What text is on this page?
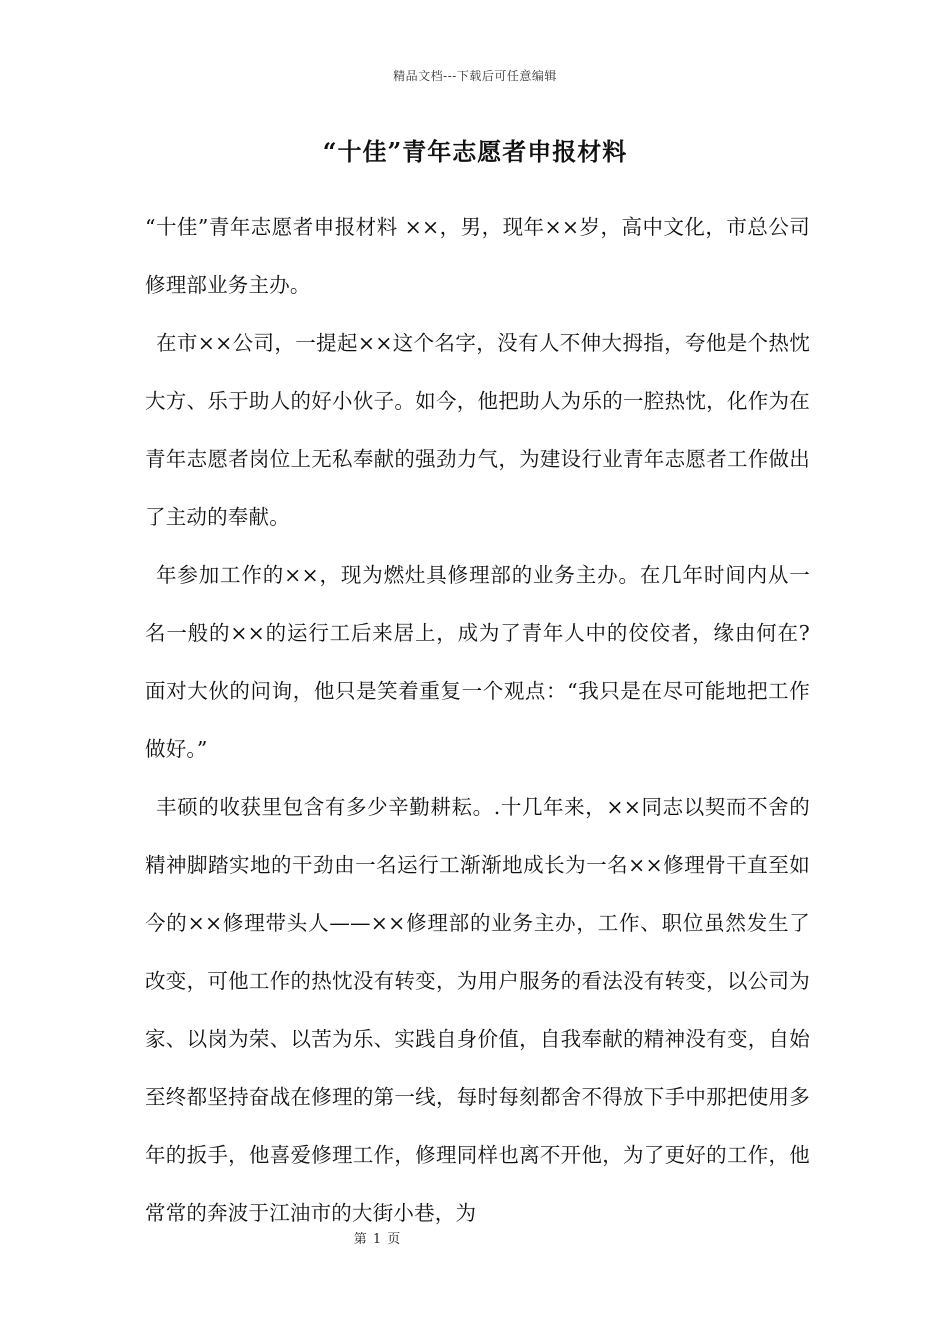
精品文档---下载后可任意编辑
“十佳”青年志愿者申报材料

“十佳”青年志愿者申报材料 ××，男，现年××岁，高中文化，市总公司修理部业务主办。

在市××公司，一提起××这个名字，没有人不伸大拇指，夸他是个热忱大方、乐于助人的好小伙子。如今，他把助人为乐的一腔热忱，化作为在青年志愿者岗位上无私奉献的强劲力气，为建设行业青年志愿者工作做出了主动的奉献。

年参加工作的××，现为燃灶具修理部的业务主办。在几年时间内从一名一般的××的运行工后来居上，成为了青年人中的佼佼者，缘由何在?面对大伙的问询，他只是笑着重复一个观点：“我只是在尽可能地把工作做好。”

丰硕的收获里包含有多少辛勤耕耘。.十几年来，××同志以契而不舍的精神脚踏实地的干劲由一名运行工渐渐地成长为一名××修理骨干直至如今的××修理带头人——××修理部的业务主办，工作、职位虽然发生了改变，可他工作的热忱没有转变，为用户服务的看法没有转变，以公司为家、以岗为荣、以苦为乐、实践自身价值，自我奉献的精神没有变，自始至终都坚持奋战在修理的第一线，每时每刻都舍不得放下手中那把使用多年的扳手，他喜爱修理工作，修理同样也离不开他，为了更好的工作，他常常的奔波于江油市的大街小巷，为

第 1 页
